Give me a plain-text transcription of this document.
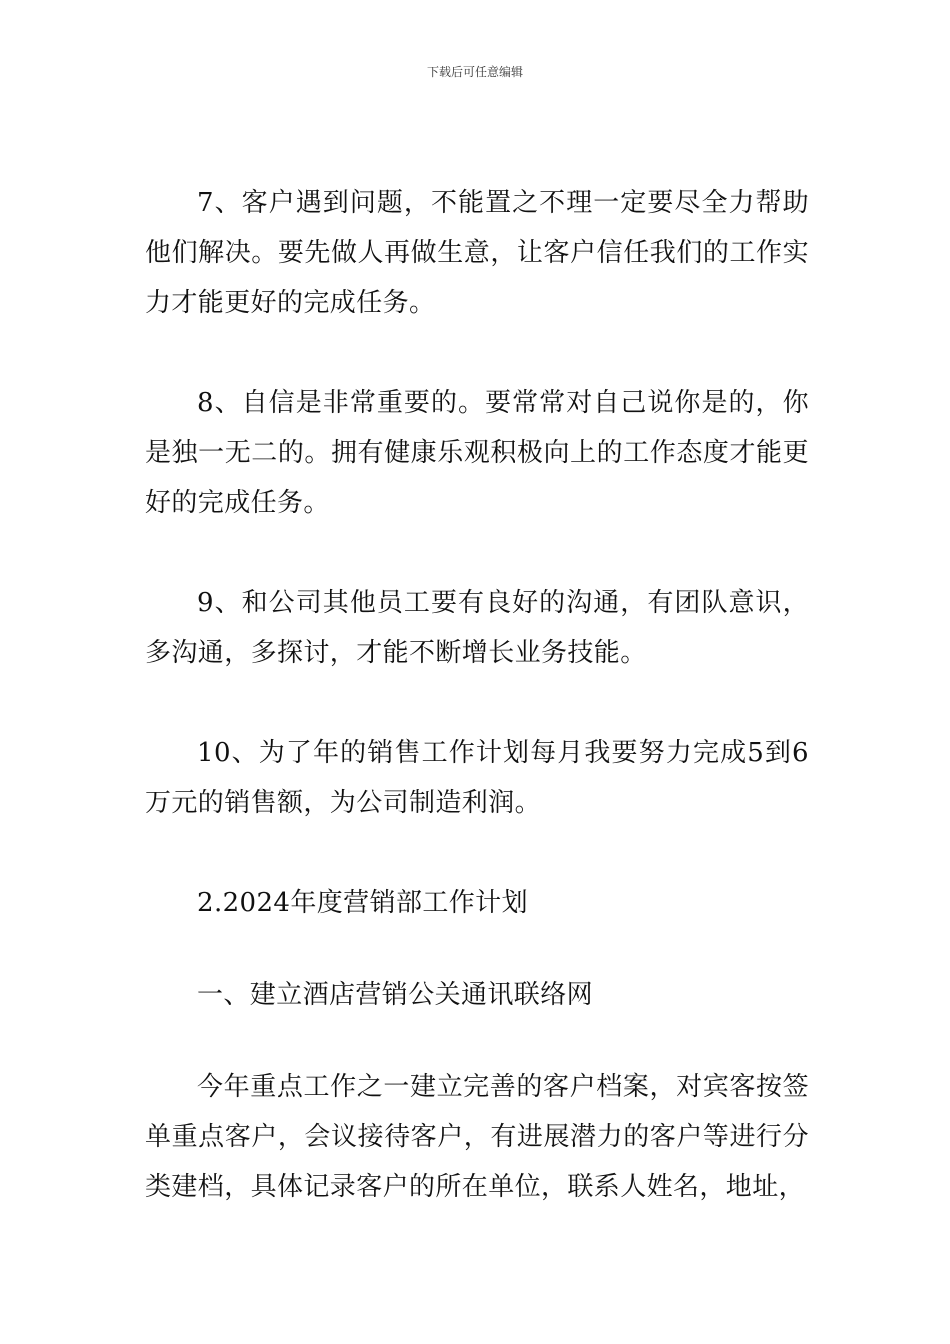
下载后可任意编辑

7、客户遇到问题，不能置之不理一定要尽全力帮助他们解决。要先做人再做生意，让客户信任我们的工作实力才能更好的完成任务。

8、自信是非常重要的。要常常对自己说你是的，你是独一无二的。拥有健康乐观积极向上的工作态度才能更好的完成任务。

9、和公司其他员工要有良好的沟通，有团队意识，多沟通，多探讨，才能不断增长业务技能。

10、为了年的销售工作计划每月我要努力完成5到6万元的销售额，为公司制造利润。

2.2024年度营销部工作计划

一、建立酒店营销公关通讯联络网

今年重点工作之一建立完善的客户档案，对宾客按签单重点客户，会议接待客户，有进展潜力的客户等进行分类建档，具体记录客户的所在单位，联系人姓名，地址，
